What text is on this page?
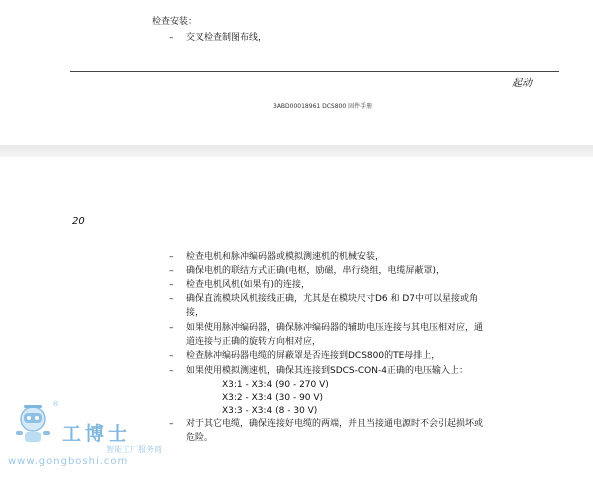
检查安装：
– 交叉检查制图布线，
起动
3ABD00018961 DCS800 固件手册
20
– 检查电机和脉冲编码器或模拟测速机的机械安装，
– 确保电机的联结方式正确(电枢，励磁，串行绕组，电缆屏蔽罩)，
– 检查电机风机(如果有)的连接，
– 确保直流模块风机接线正确，尤其是在模块尺寸D6 和 D7中可以星接或角
接，
– 如果使用脉冲编码器，确保脉冲编码器的辅助电压连接与其电压相对应，通
道连接与正确的旋转方向相对应，
– 检查脉冲编码器电缆的屏蔽罩是否连接到DCS800的TE母排上，
– 如果使用模拟测速机，确保其连接到SDCS-CON-4正确的电压输入上：
X3:1 - X3:4 (90 - 270 V)
X3:2 - X3:4 (30 - 90 V)
X3:3 - X3:4 (8 - 30 V)
– 对于其它电缆，确保连接好电缆的两端，并且当接通电源时不会引起损坏或
危险。
®
工博士
智能工厂服务商
www.gongboshi.com
